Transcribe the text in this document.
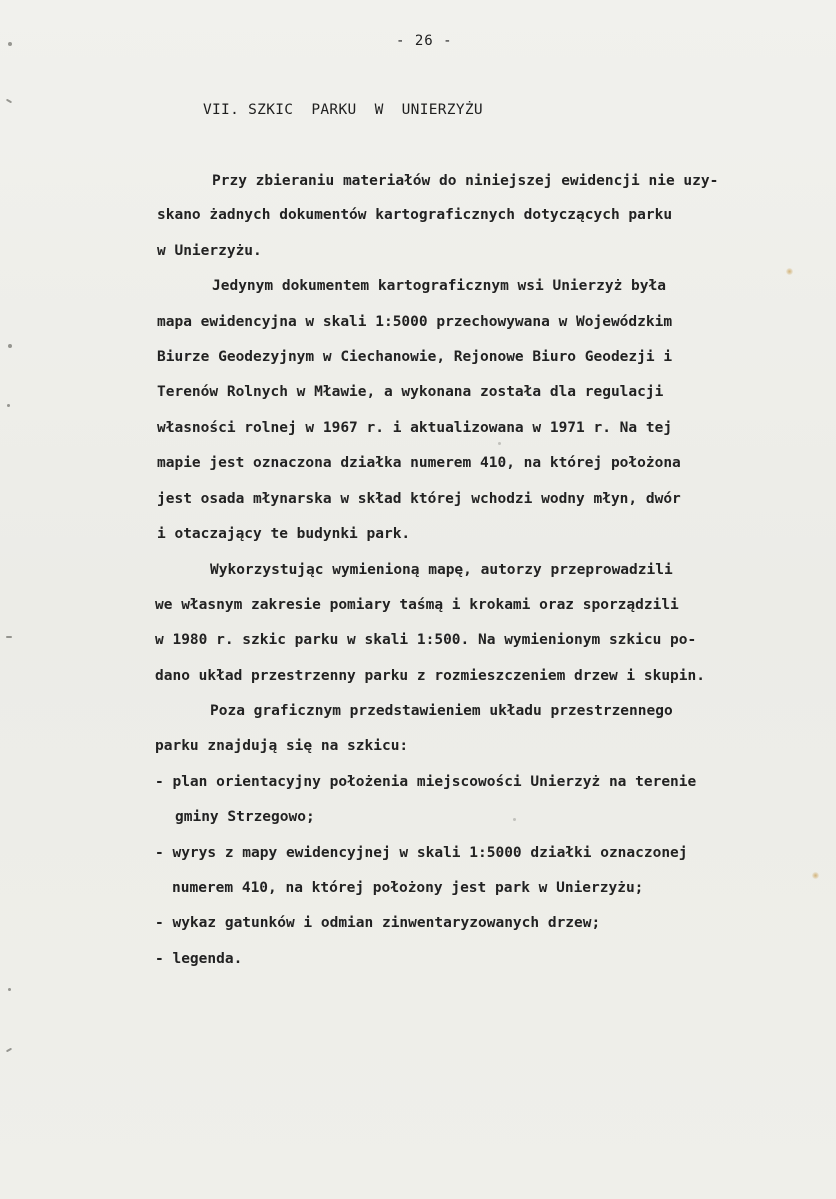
- 26 -
VII. SZKIC  PARKU  W  UNIERZYŻU
Przy zbieraniu materiałów do niniejszej ewidencji nie uzy-
skano żadnych dokumentów kartograficznych dotyczących parku
w Unierzyżu.
Jedynym dokumentem kartograficznym wsi Unierzyż była
mapa ewidencyjna w skali 1:5000 przechowywana w Wojewódzkim
Biurze Geodezyjnym w Ciechanowie, Rejonowe Biuro Geodezji i
Terenów Rolnych w Mławie, a wykonana została dla regulacji
własności rolnej w 1967 r. i aktualizowana w 1971 r. Na tej
mapie jest oznaczona działka numerem 410, na której położona
jest osada młynarska w skład której wchodzi wodny młyn, dwór
i otaczający te budynki park.
Wykorzystując wymienioną mapę, autorzy przeprowadzili
we własnym zakresie pomiary taśmą i krokami oraz sporządzili
w 1980 r. szkic parku w skali 1:500. Na wymienionym szkicu po-
dano układ przestrzenny parku z rozmieszczeniem drzew i skupin.
Poza graficznym przedstawieniem układu przestrzennego
parku znajdują się na szkicu:
- plan orientacyjny położenia miejscowości Unierzyż na terenie
gminy Strzegowo;
- wyrys z mapy ewidencyjnej w skali 1:5000 działki oznaczonej
numerem 410, na której położony jest park w Unierzyżu;
- wykaz gatunków i odmian zinwentaryzowanych drzew;
- legenda.
